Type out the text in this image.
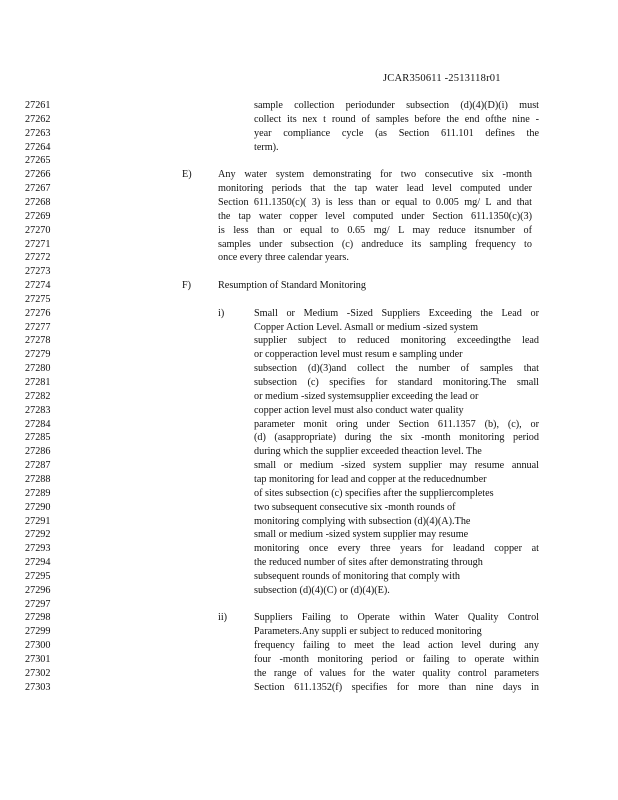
JCAR350611 -2513118r01
27261	sample collection periodunder subsection (d)(4)(D)(i) must
27262	collect its nex t round of samples before the end ofthe nine -
27263	year compliance cycle (as Section 611.101 defines the
27264	term).
27265
27266	E)	Any water system demonstrating for two consecutive six -month
27267	monitoring periods that the tap water lead level computed under
27268	Section 611.1350(c)( 3) is less than or equal to 0.005 mg/ L and that
27269	the tap water copper level computed under Section 611.1350(c)(3)
27270	is less than or equal to 0.65 mg/ L may reduce itsnumber of
27271	samples under subsection (c) andreduce its sampling frequency to
27272	once every three calendar years.
27273
27274	F)	Resumption of Standard Monitoring
27275
27276	i)	Small or Medium -Sized Suppliers Exceeding the Lead or
27277	Copper Action Level. Asmall or medium -sized system
27278	supplier subject to reduced monitoring exceedingthe lead
27279	or copperaction level must resum e sampling under
27280	subsection (d)(3)and collect the number of samples that
27281	subsection (c) specifies for standard monitoring.The small
27282	or medium -sized systemsupplier exceeding the lead or
27283	copper action level must also conduct water quality
27284	parameter monit oring under Section 611.1357 (b), (c), or
27285	(d) (asappropriate) during the six -month monitoring period
27286	during which the supplier exceeded theaction level. The
27287	small or medium -sized system supplier may resume annual
27288	tap monitoring for lead and copper at the reducednumber
27289	of sites subsection (c) specifies after the suppliercompletes
27290	two subsequent consecutive six -month rounds of
27291	monitoring complying with subsection (d)(4)(A).The
27292	small or medium -sized system supplier may resume
27293	monitoring once every three years for leadand copper at
27294	the reduced number of sites after demonstrating through
27295	subsequent rounds of monitoring that comply with
27296	subsection (d)(4)(C) or (d)(4)(E).
27297
27298	ii)	Suppliers Failing to Operate within Water Quality Control
27299	Parameters.Any suppli er subject to reduced monitoring
27300	frequency failing to meet the lead action level during any
27301	four -month monitoring period or failing to operate within
27302	the range of values for the water quality control parameters
27303	Section 611.1352(f) specifies for more than nine days in
